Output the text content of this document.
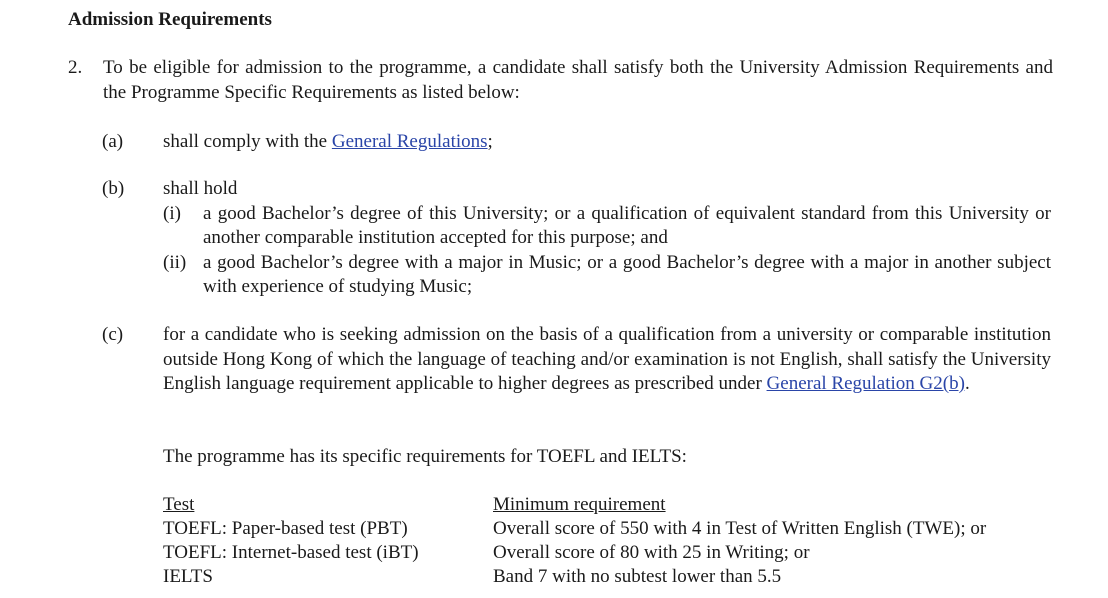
Admission Requirements
2. To be eligible for admission to the programme, a candidate shall satisfy both the University Admission Requirements and the Programme Specific Requirements as listed below:
(a) shall comply with the General Regulations;
(b) shall hold
(i) a good Bachelor’s degree of this University; or a qualification of equivalent standard from this University or another comparable institution accepted for this purpose; and
(ii) a good Bachelor’s degree with a major in Music; or a good Bachelor’s degree with a major in another subject with experience of studying Music;
(c) for a candidate who is seeking admission on the basis of a qualification from a university or comparable institution outside Hong Kong of which the language of teaching and/or examination is not English, shall satisfy the University English language requirement applicable to higher degrees as prescribed under General Regulation G2(b).
The programme has its specific requirements for TOEFL and IELTS:
Test	Minimum requirement
TOEFL: Paper-based test (PBT)	Overall score of 550 with 4 in Test of Written English (TWE); or
TOEFL: Internet-based test (iBT)	Overall score of 80 with 25 in Writing; or
IELTS	Band 7 with no subtest lower than 5.5
